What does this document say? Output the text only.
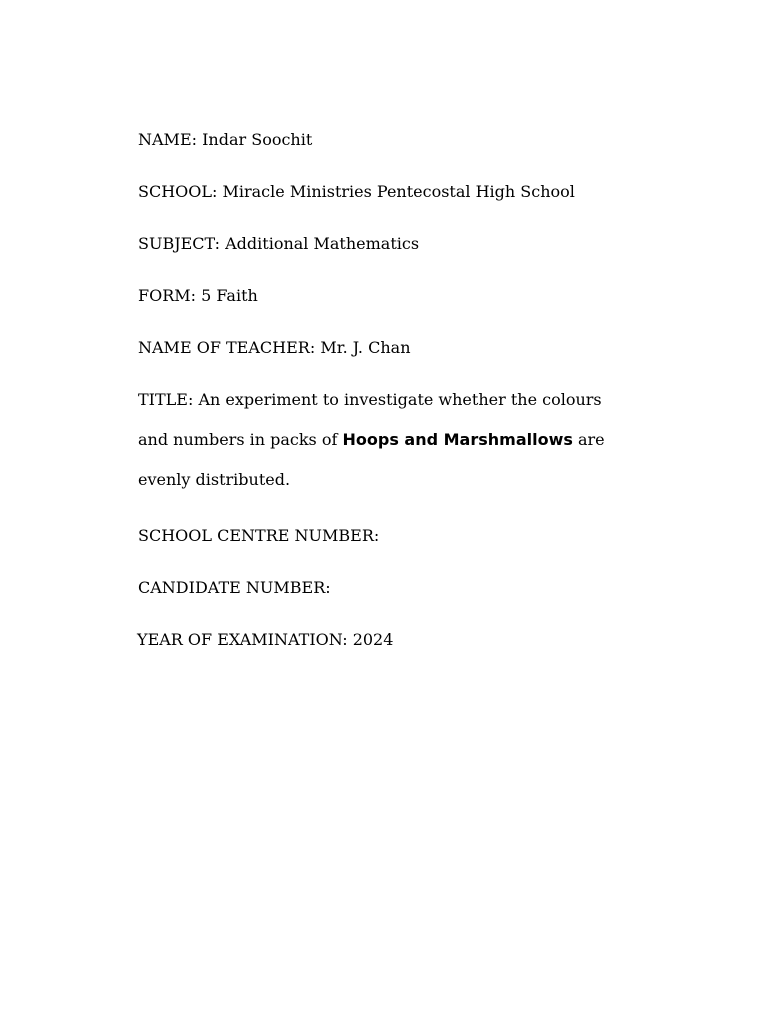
NAME: Indar Soochit
SCHOOL: Miracle Ministries Pentecostal High School
SUBJECT: Additional Mathematics
FORM: 5 Faith
NAME OF TEACHER: Mr. J. Chan
TITLE: An experiment to investigate whether the colours
and numbers in packs of Hoops and Marshmallows are
evenly distributed.
SCHOOL CENTRE NUMBER:
CANDIDATE NUMBER:
YEAR OF EXAMINATION: 2024
